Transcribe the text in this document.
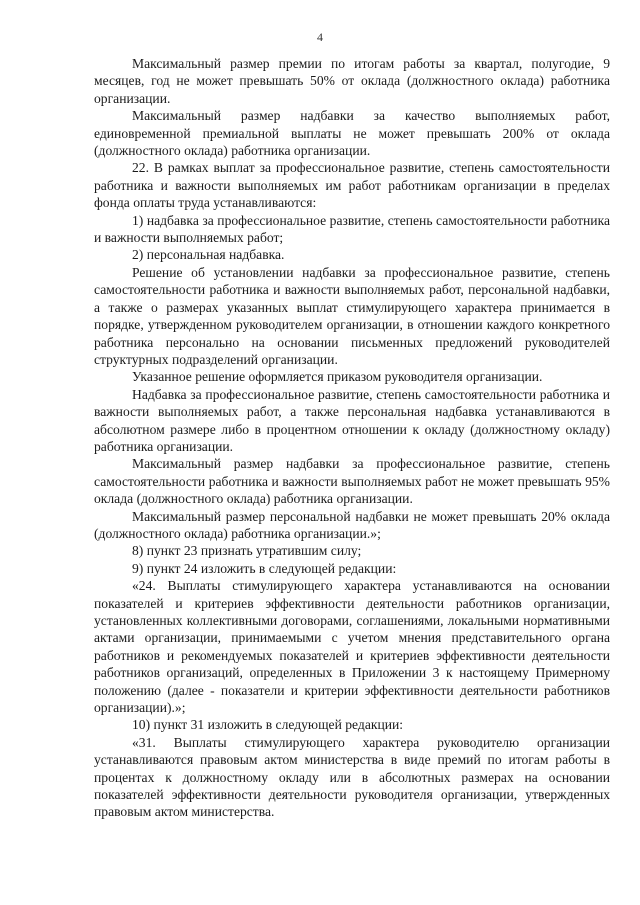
4

Максимальный размер премии по итогам работы за квартал, полугодие, 9 месяцев, год не может превышать 50% от оклада (должностного оклада) работника организации.

Максимальный размер надбавки за качество выполняемых работ, единовременной премиальной выплаты не может превышать 200% от оклада (должностного оклада) работника организации.

22. В рамках выплат за профессиональное развитие, степень самостоятельности работника и важности выполняемых им работ работникам организации в пределах фонда оплаты труда устанавливаются:

1) надбавка за профессиональное развитие, степень самостоятельности работника и важности выполняемых работ;

2) персональная надбавка.

Решение об установлении надбавки за профессиональное развитие, степень самостоятельности работника и важности выполняемых работ, персональной надбавки, а также о размерах указанных выплат стимулирующего характера принимается в порядке, утвержденном руководителем организации, в отношении каждого конкретного работника персонально на основании письменных предложений руководителей структурных подразделений организации.

Указанное решение оформляется приказом руководителя организации.

Надбавка за профессиональное развитие, степень самостоятельности работника и важности выполняемых работ, а также персональная надбавка устанавливаются в абсолютном размере либо в процентном отношении к окладу (должностному окладу) работника организации.

Максимальный размер надбавки за профессиональное развитие, степень самостоятельности работника и важности выполняемых работ не может превышать 95% оклада (должностного оклада) работника организации.

Максимальный размер персональной надбавки не может превышать 20% оклада (должностного оклада) работника организации.»;

8) пункт 23 признать утратившим силу;

9) пункт 24 изложить в следующей редакции:

«24. Выплаты стимулирующего характера устанавливаются на основании показателей и критериев эффективности деятельности работников организации, установленных коллективными договорами, соглашениями, локальными нормативными актами организации, принимаемыми с учетом мнения представительного органа работников и рекомендуемых показателей и критериев эффективности деятельности работников организаций, определенных в Приложении 3 к настоящему Примерному положению (далее - показатели и критерии эффективности деятельности работников организации).»;

10) пункт 31 изложить в следующей редакции:

«31. Выплаты стимулирующего характера руководителю организации устанавливаются правовым актом министерства в виде премий по итогам работы в процентах к должностному окладу или в абсолютных размерах на основании показателей эффективности деятельности руководителя организации, утвержденных правовым актом министерства.
